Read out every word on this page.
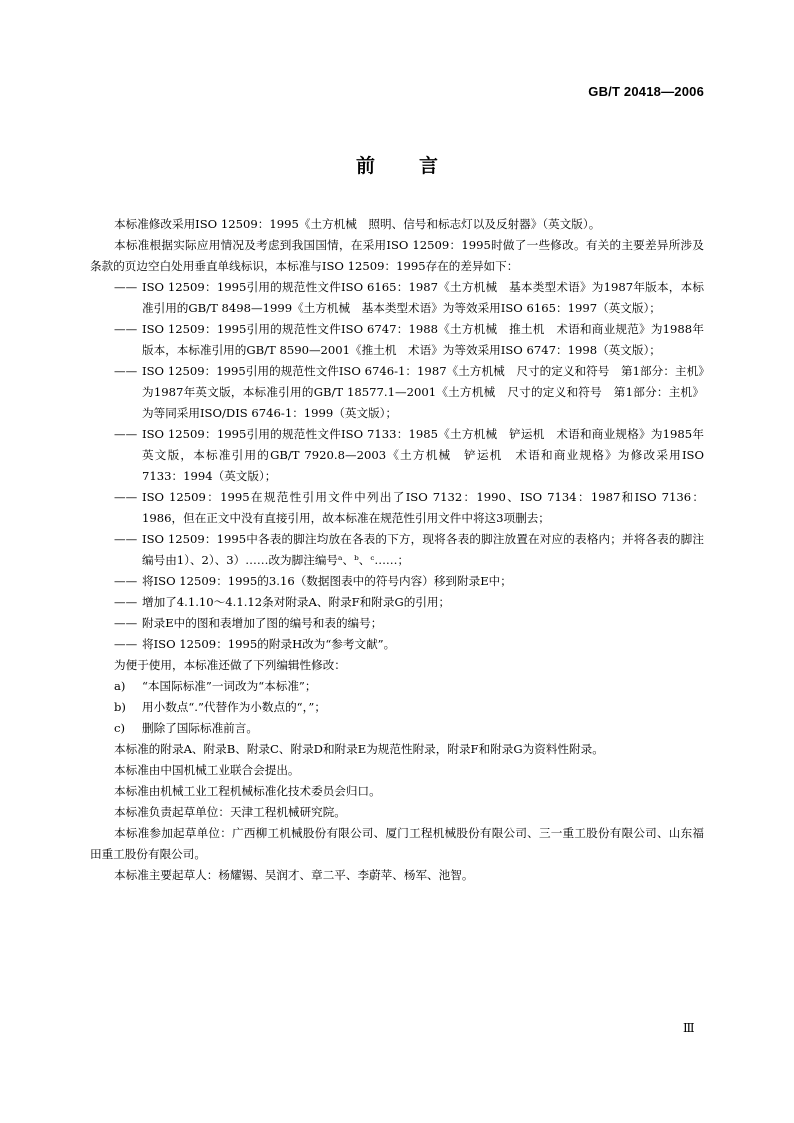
GB/T 20418—2006
前 言

本标准修改采用ISO 12509：1995《土方机械　照明、信号和标志灯以及反射器》（英文版）。

本标准根据实际应用情况及考虑到我国国情，在采用ISO 12509：1995时做了一些修改。有关的主要差异所涉及条款的页边空白处用垂直单线标识，本标准与ISO 12509：1995存在的差异如下：

—— ISO 12509：1995引用的规范性文件ISO 6165：1987《土方机械　基本类型术语》为1987年版本，本标准引用的GB/T 8498—1999《土方机械　基本类型术语》为等效采用ISO 6165：1997（英文版）；

—— ISO 12509：1995引用的规范性文件ISO 6747：1988《土方机械　推土机　术语和商业规范》为1988年版本，本标准引用的GB/T 8590—2001《推土机　术语》为等效采用ISO 6747：1998（英文版）；

—— ISO 12509：1995引用的规范性文件ISO 6746-1：1987《土方机械　尺寸的定义和符号　第1部分：主机》为1987年英文版，本标准引用的GB/T 18577.1—2001《土方机械　尺寸的定义和符号　第1部分：主机》为等同采用ISO/DIS 6746-1：1999（英文版）；

—— ISO 12509：1995引用的规范性文件ISO 7133：1985《土方机械　铲运机　术语和商业规格》为1985年英文版，本标准引用的GB/T 7920.8—2003《土方机械　铲运机　术语和商业规格》为修改采用ISO 7133：1994（英文版）；

—— ISO 12509：1995在规范性引用文件中列出了ISO 7132：1990、ISO 7134：1987和ISO 7136：1986，但在正文中没有直接引用，故本标准在规范性引用文件中将这3项删去；

—— ISO 12509：1995中各表的脚注均放在各表的下方，现将各表的脚注放置在对应的表格内；并将各表的脚注编号由1）、2）、3）……改为脚注编号ᵃ、ᵇ、ᶜ……；

—— 将ISO 12509：1995的3.16（数据图表中的符号内容）移到附录E中；

—— 增加了4.1.10～4.1.12条对附录A、附录F和附录G的引用；

—— 附录E中的图和表增加了图的编号和表的编号；

—— 将ISO 12509：1995的附录H改为“参考文献”。

为便于使用，本标准还做了下列编辑性修改：

a) “本国际标准”一词改为“本标准”；

b) 用小数点“.”代替作为小数点的“，”；

c) 删除了国际标准前言。

本标准的附录A、附录B、附录C、附录D和附录E为规范性附录，附录F和附录G为资料性附录。

本标准由中国机械工业联合会提出。

本标准由机械工业工程机械标准化技术委员会归口。

本标准负责起草单位：天津工程机械研究院。

本标准参加起草单位：广西柳工机械股份有限公司、厦门工程机械股份有限公司、三一重工股份有限公司、山东福田重工股份有限公司。

本标准主要起草人：杨耀锡、吴润才、章二平、李蔚苹、杨军、池智。

Ⅲ
